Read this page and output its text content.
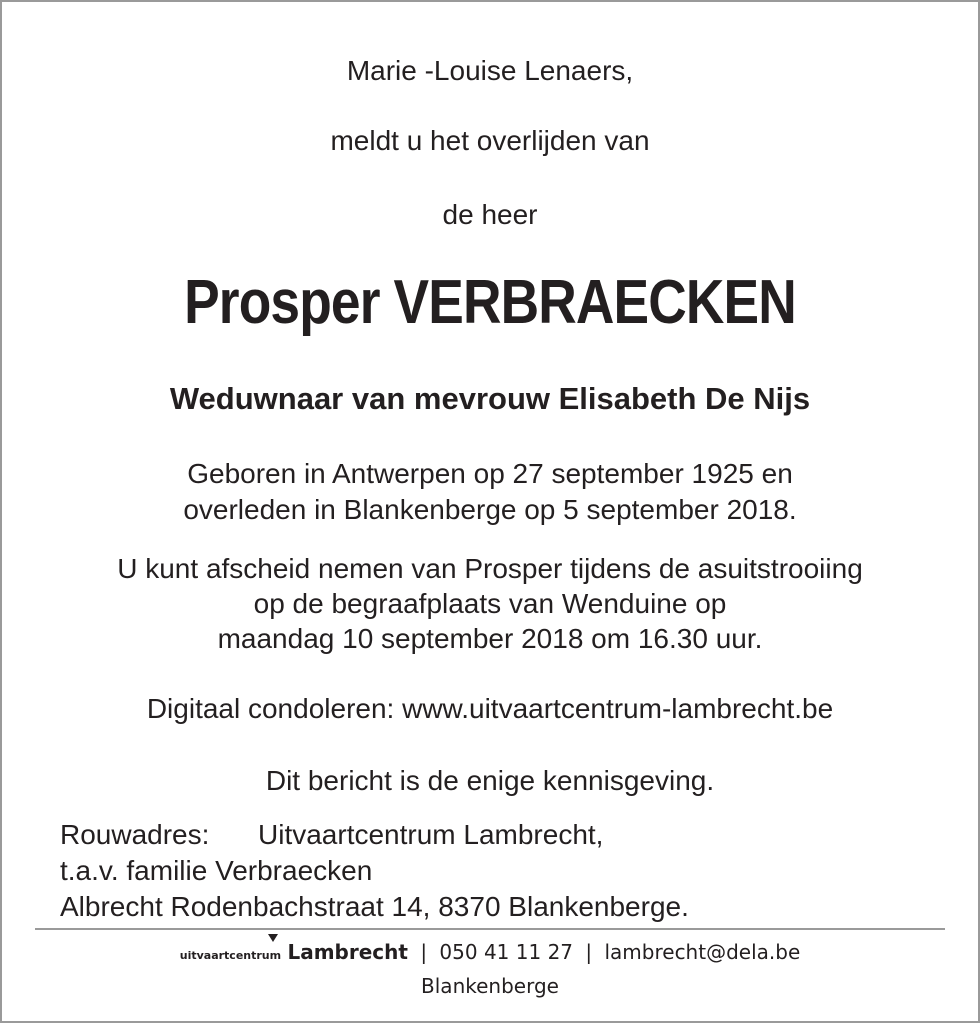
Marie -Louise Lenaers,
meldt u het overlijden van
de heer
Prosper VERBRAECKEN
Weduwnaar van mevrouw Elisabeth De Nijs
Geboren in Antwerpen op 27 september 1925 en
overleden in Blankenberge op 5 september 2018.
U kunt afscheid nemen van Prosper tijdens de asuitstrooiing
op de begraafplaats van Wenduine op
maandag 10 september 2018 om 16.30 uur.
Digitaal condoleren: www.uitvaartcentrum-lambrecht.be
Dit bericht is de enige kennisgeving.
Rouwadres: Uitvaartcentrum Lambrecht,
t.a.v. familie Verbraecken
Albrecht Rodenbachstraat 14, 8370 Blankenberge.
uitvaartcentrum Lambrecht | 050 41 11 27 | lambrecht@dela.be
Blankenberge
